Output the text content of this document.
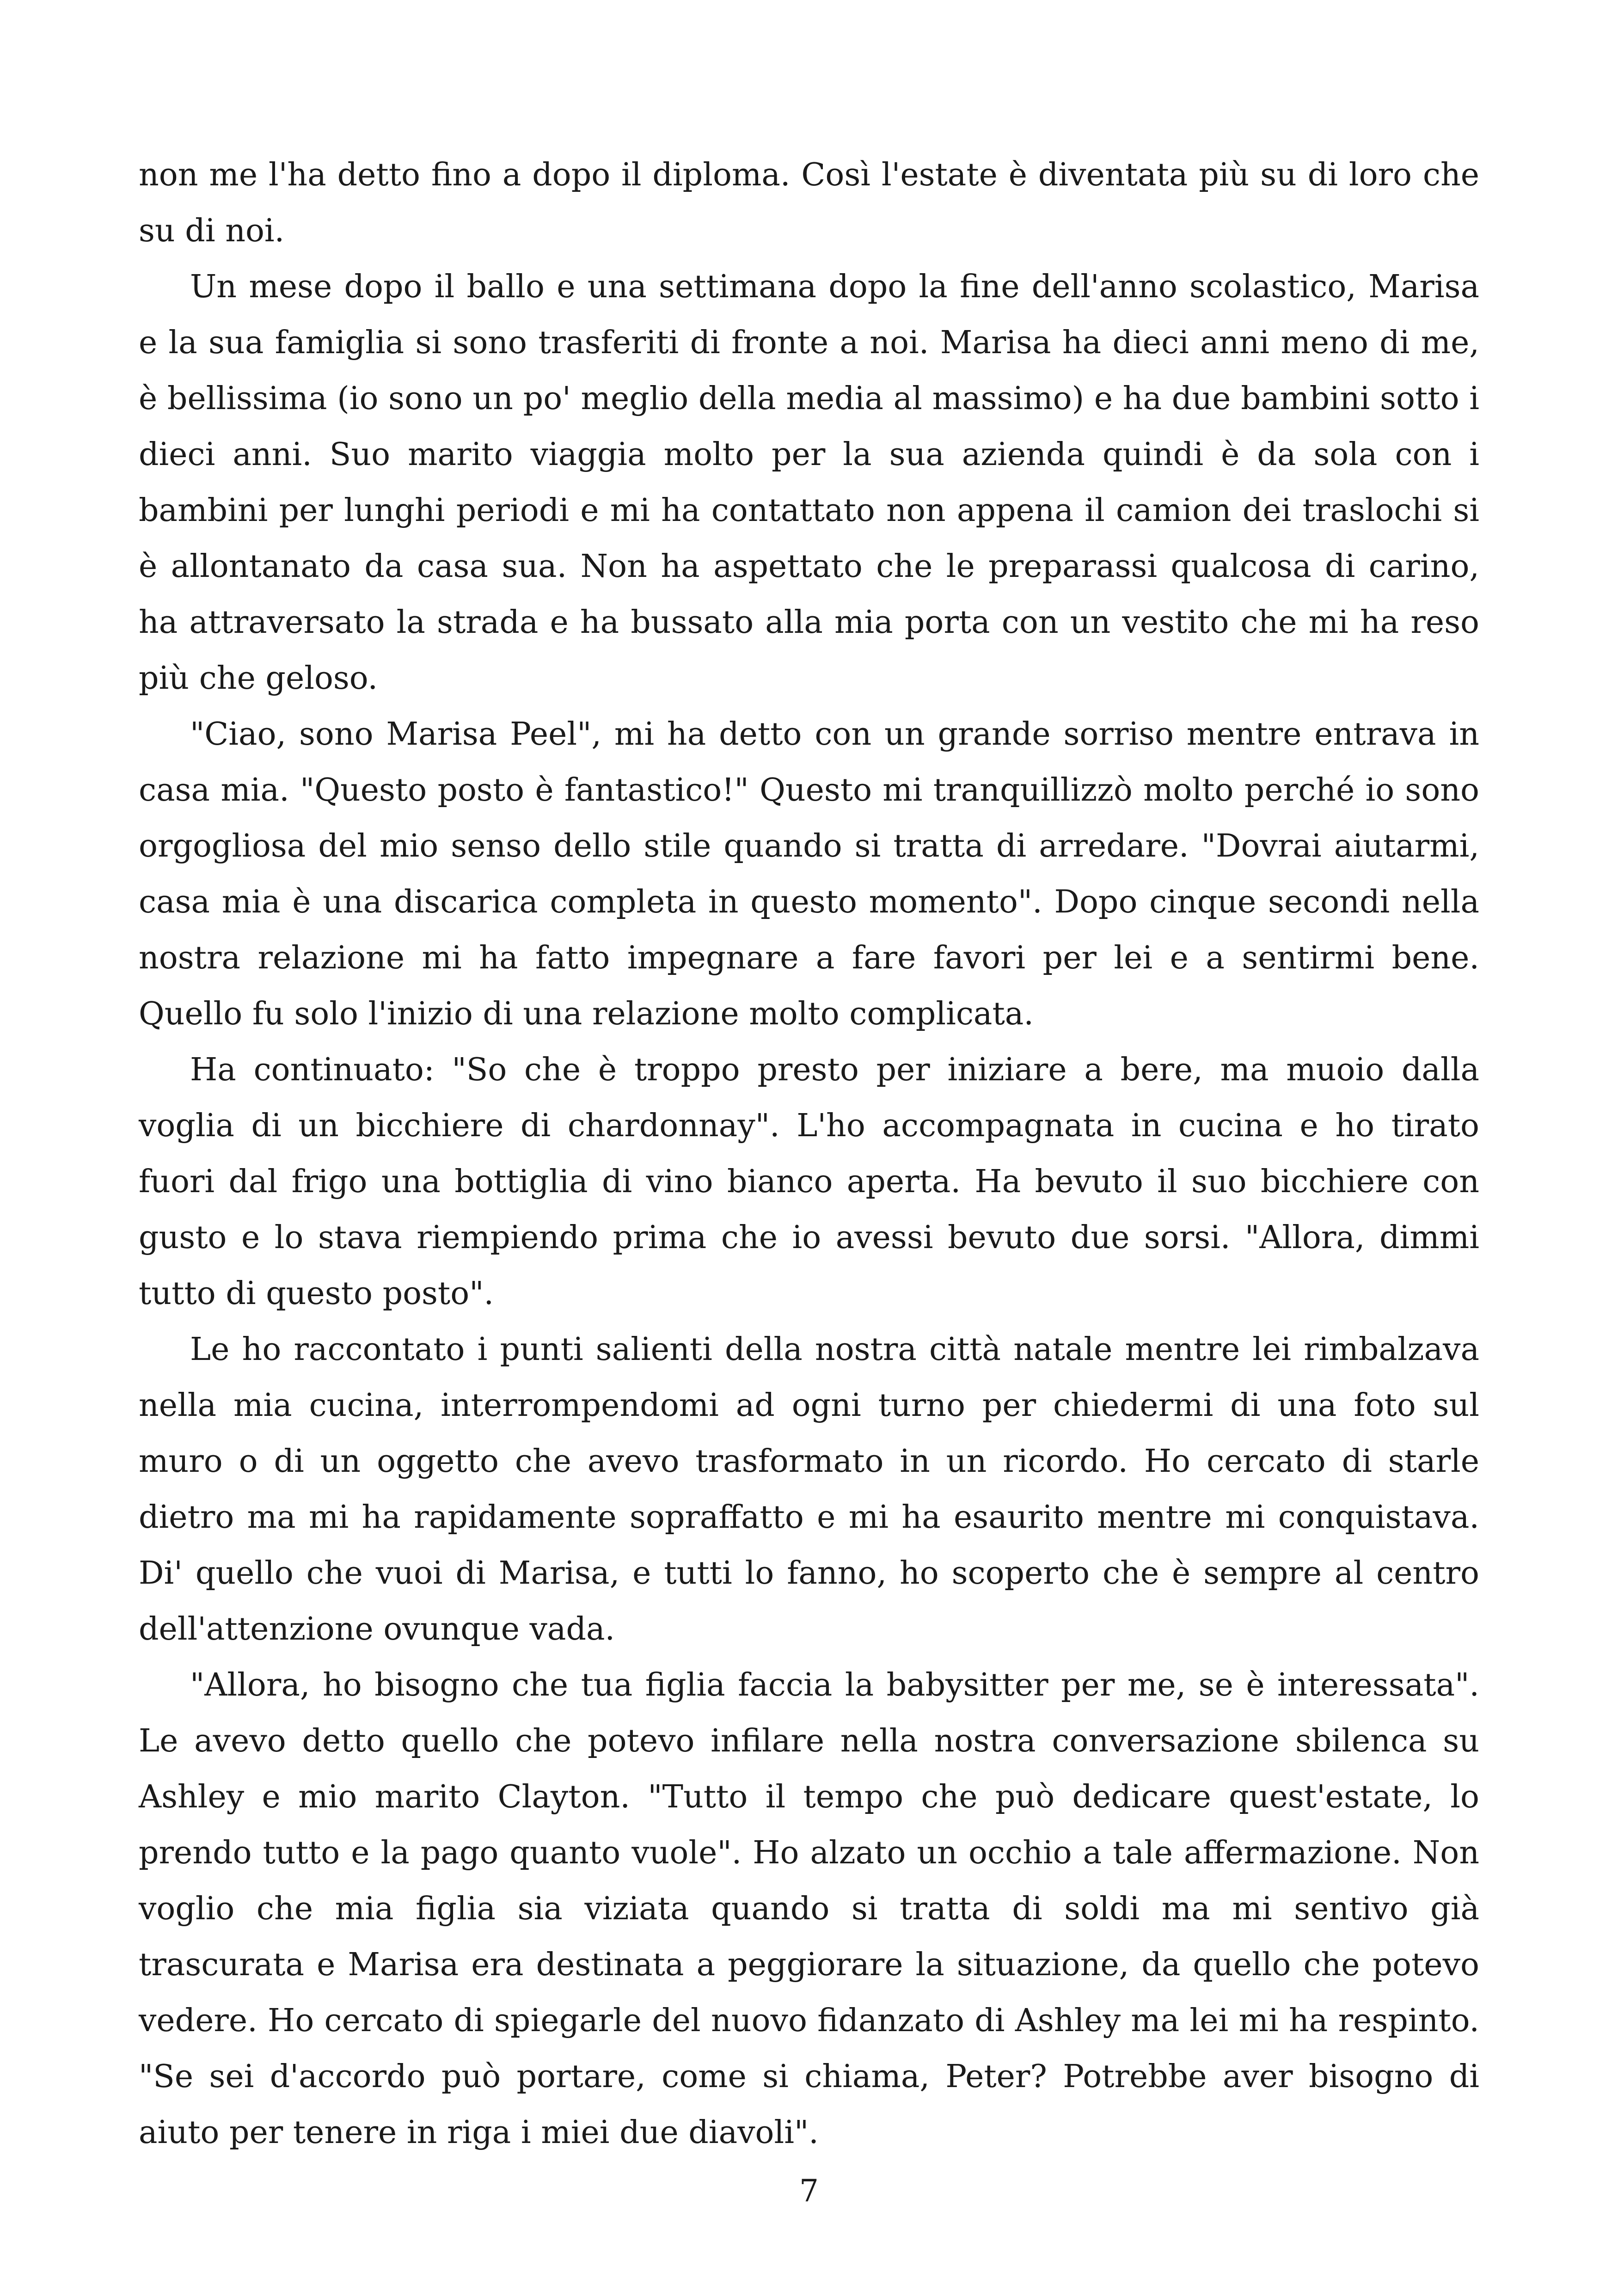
non me l'ha detto fino a dopo il diploma. Così l'estate è diventata più su di loro che su di noi.

Un mese dopo il ballo e una settimana dopo la fine dell'anno scolastico, Marisa e la sua famiglia si sono trasferiti di fronte a noi. Marisa ha dieci anni meno di me, è bellissima (io sono un po' meglio della media al massimo) e ha due bambini sotto i dieci anni. Suo marito viaggia molto per la sua azienda quindi è da sola con i bambini per lunghi periodi e mi ha contattato non appena il camion dei traslochi si è allontanato da casa sua. Non ha aspettato che le preparassi qualcosa di carino, ha attraversato la strada e ha bussato alla mia porta con un vestito che mi ha reso più che geloso.

"Ciao, sono Marisa Peel", mi ha detto con un grande sorriso mentre entrava in casa mia. "Questo posto è fantastico!" Questo mi tranquillizzò molto perché io sono orgogliosa del mio senso dello stile quando si tratta di arredare. "Dovrai aiutarmi, casa mia è una discarica completa in questo momento". Dopo cinque secondi nella nostra relazione mi ha fatto impegnare a fare favori per lei e a sentirmi bene. Quello fu solo l'inizio di una relazione molto complicata.

Ha continuato: "So che è troppo presto per iniziare a bere, ma muoio dalla voglia di un bicchiere di chardonnay". L'ho accompagnata in cucina e ho tirato fuori dal frigo una bottiglia di vino bianco aperta. Ha bevuto il suo bicchiere con gusto e lo stava riempiendo prima che io avessi bevuto due sorsi. "Allora, dimmi tutto di questo posto".

Le ho raccontato i punti salienti della nostra città natale mentre lei rimbalzava nella mia cucina, interrompendomi ad ogni turno per chiedermi di una foto sul muro o di un oggetto che avevo trasformato in un ricordo. Ho cercato di starle dietro ma mi ha rapidamente sopraffatto e mi ha esaurito mentre mi conquistava. Di' quello che vuoi di Marisa, e tutti lo fanno, ho scoperto che è sempre al centro dell'attenzione ovunque vada.

"Allora, ho bisogno che tua figlia faccia la babysitter per me, se è interessata". Le avevo detto quello che potevo infilare nella nostra conversazione sbilenca su Ashley e mio marito Clayton. "Tutto il tempo che può dedicare quest'estate, lo prendo tutto e la pago quanto vuole". Ho alzato un occhio a tale affermazione. Non voglio che mia figlia sia viziata quando si tratta di soldi ma mi sentivo già trascurata e Marisa era destinata a peggiorare la situazione, da quello che potevo vedere. Ho cercato di spiegarle del nuovo fidanzato di Ashley ma lei mi ha respinto. "Se sei d'accordo può portare, come si chiama, Peter? Potrebbe aver bisogno di aiuto per tenere in riga i miei due diavoli".

7
